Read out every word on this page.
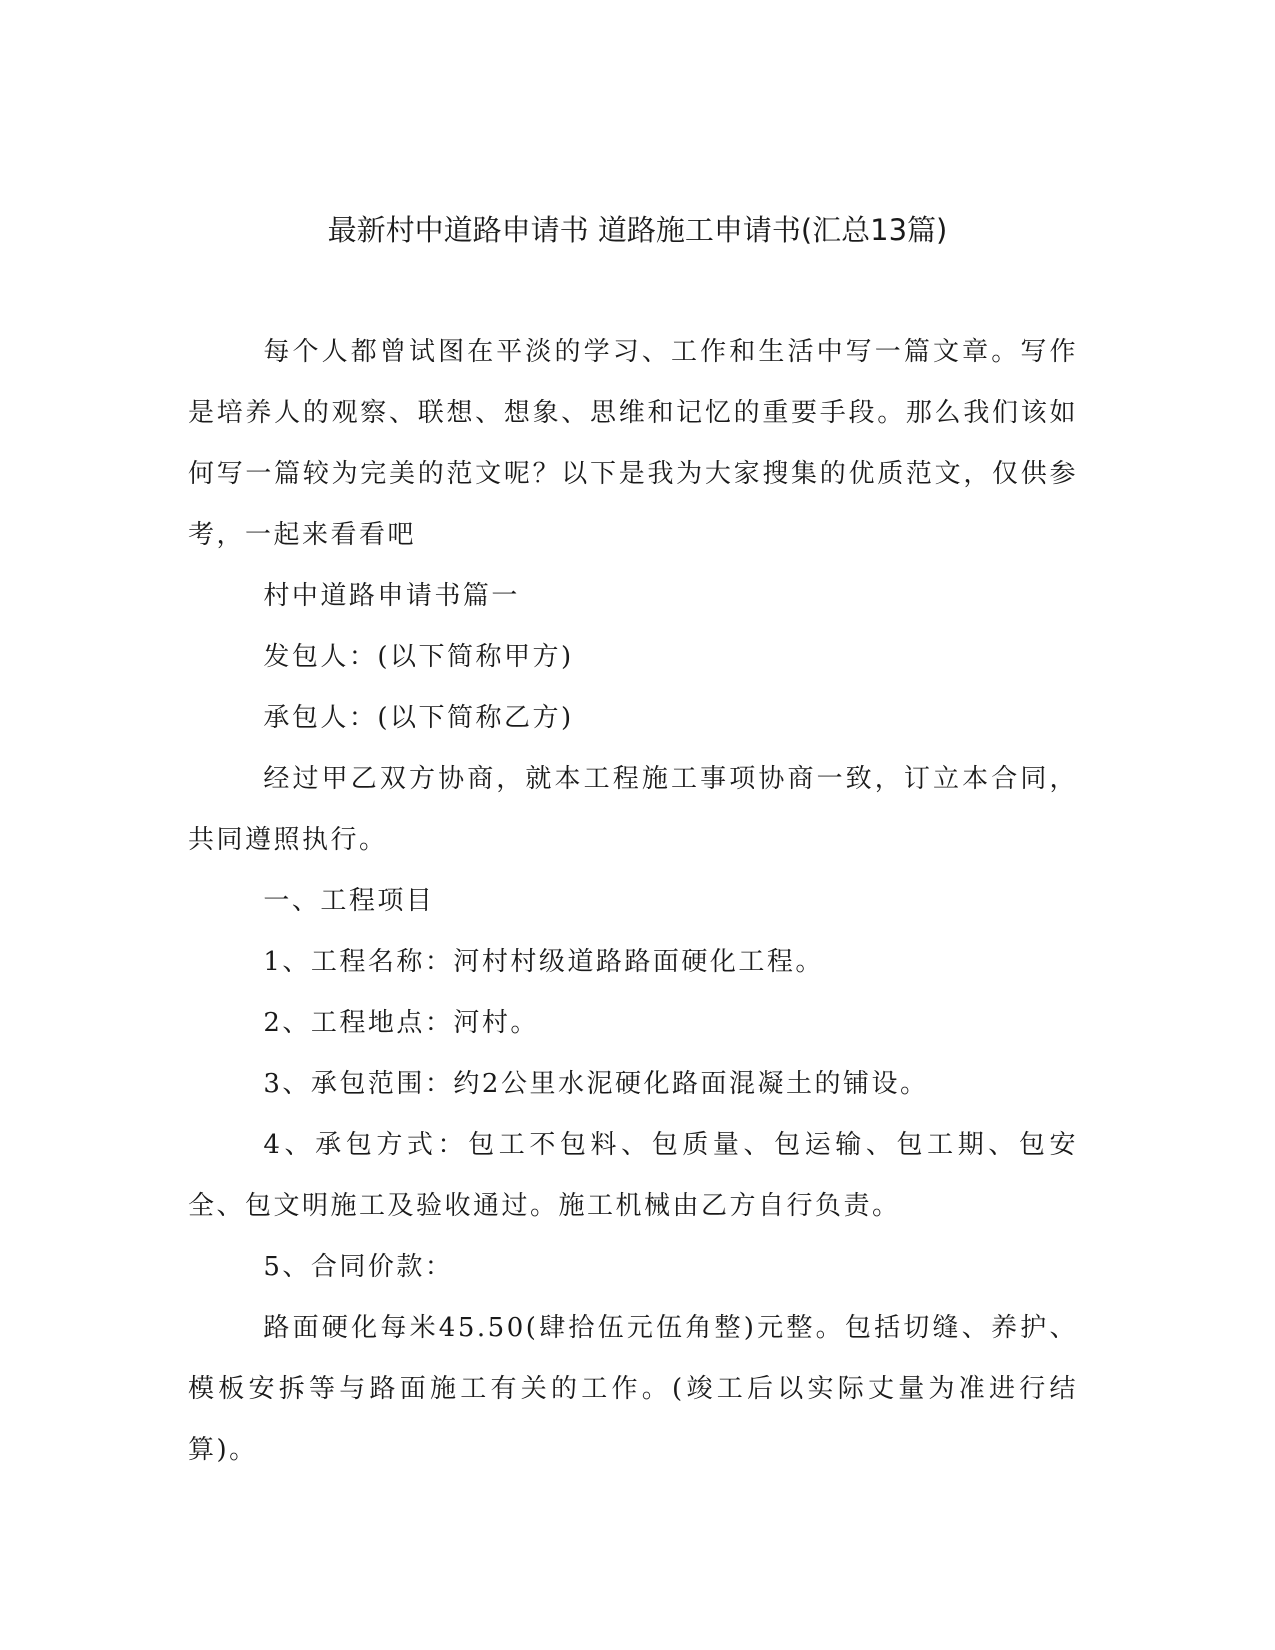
最新村中道路申请书 道路施工申请书(汇总13篇)

每个人都曾试图在平淡的学习、工作和生活中写一篇文章。写作是培养人的观察、联想、想象、思维和记忆的重要手段。那么我们该如何写一篇较为完美的范文呢？以下是我为大家搜集的优质范文，仅供参考，一起来看看吧

村中道路申请书篇一

发包人：(以下简称甲方)

承包人：(以下简称乙方)

经过甲乙双方协商，就本工程施工事项协商一致，订立本合同，共同遵照执行。

一、工程项目

1、工程名称：河村村级道路路面硬化工程。

2、工程地点：河村。

3、承包范围：约2公里水泥硬化路面混凝土的铺设。

4、承包方式：包工不包料、包质量、包运输、包工期、包安全、包文明施工及验收通过。施工机械由乙方自行负责。

5、合同价款：

路面硬化每米45.50(肆拾伍元伍角整)元整。包括切缝、养护、模板安拆等与路面施工有关的工作。(竣工后以实际丈量为准进行结算)。
